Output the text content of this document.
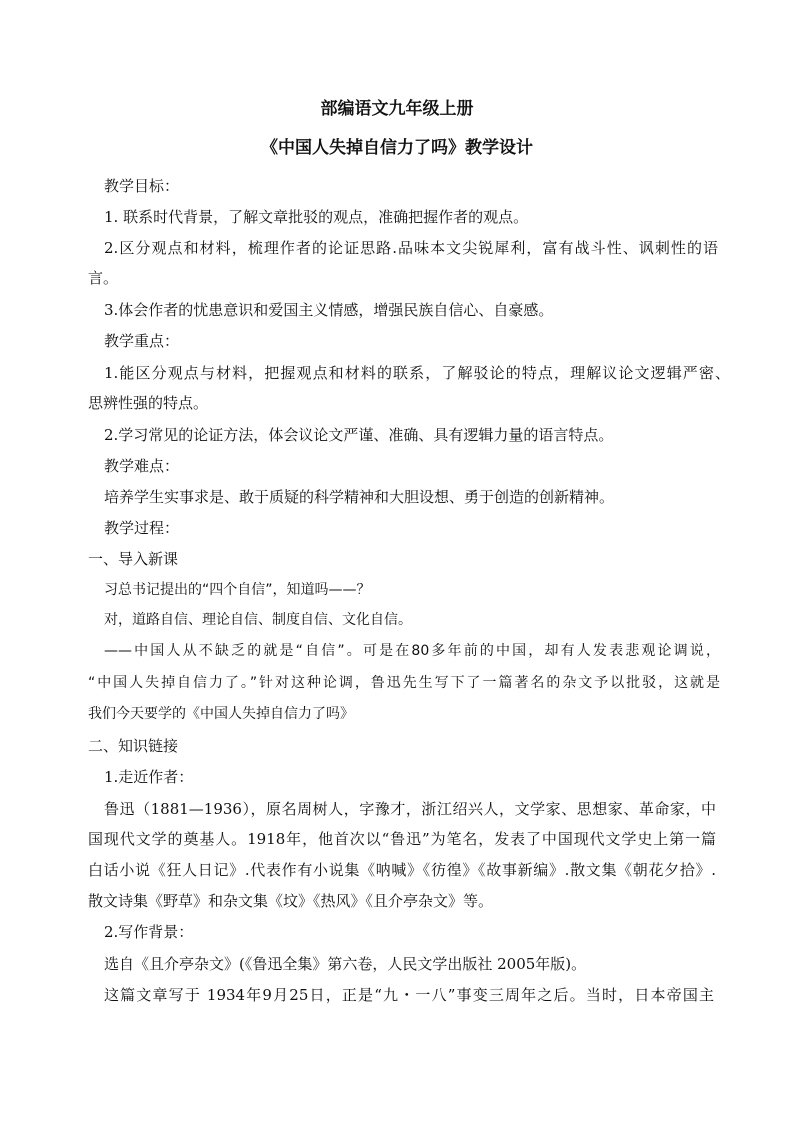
部编语文九年级上册
《中国人失掉自信力了吗》教学设计
教学目标：
1. 联系时代背景，了解文章批驳的观点，准确把握作者的观点。
2.区分观点和材料，梳理作者的论证思路.品味本文尖锐犀利，富有战斗性、讽刺性的语
言。
3.体会作者的忧患意识和爱国主义情感，增强民族自信心、自豪感。
教学重点：
1.能区分观点与材料，把握观点和材料的联系，了解驳论的特点，理解议论文逻辑严密、
思辨性强的特点。
2.学习常见的论证方法，体会议论文严谨、准确、具有逻辑力量的语言特点。
教学难点：
培养学生实事求是、敢于质疑的科学精神和大胆设想、勇于创造的创新精神。
教学过程：
一、导入新课
习总书记提出的“四个自信”，知道吗——？
对，道路自信、理论自信、制度自信、文化自信。
——中国人从不缺乏的就是“自信”。可是在80多年前的中国，却有人发表悲观论调说，
“中国人失掉自信力了。”针对这种论调，鲁迅先生写下了一篇著名的杂文予以批驳，这就是
我们今天要学的《中国人失掉自信力了吗》
二、知识链接
1.走近作者：
鲁迅（1881—1936），原名周树人，字豫才，浙江绍兴人，文学家、思想家、革命家，中
国现代文学的奠基人。1918年，他首次以“鲁迅”为笔名，发表了中国现代文学史上第一篇
白话小说《狂人日记》.代表作有小说集《呐喊》《彷徨》《故事新编》.散文集《朝花夕拾》.
散文诗集《野草》和杂文集《坟》《热风》《且介亭杂文》等。
2.写作背景：
选自《且介亭杂文》(《鲁迅全集》第六卷，人民文学出版社 2005年版)。
这篇文章写于 1934年9月25日，正是“九・一八”事变三周年之后。当时，日本帝国主
